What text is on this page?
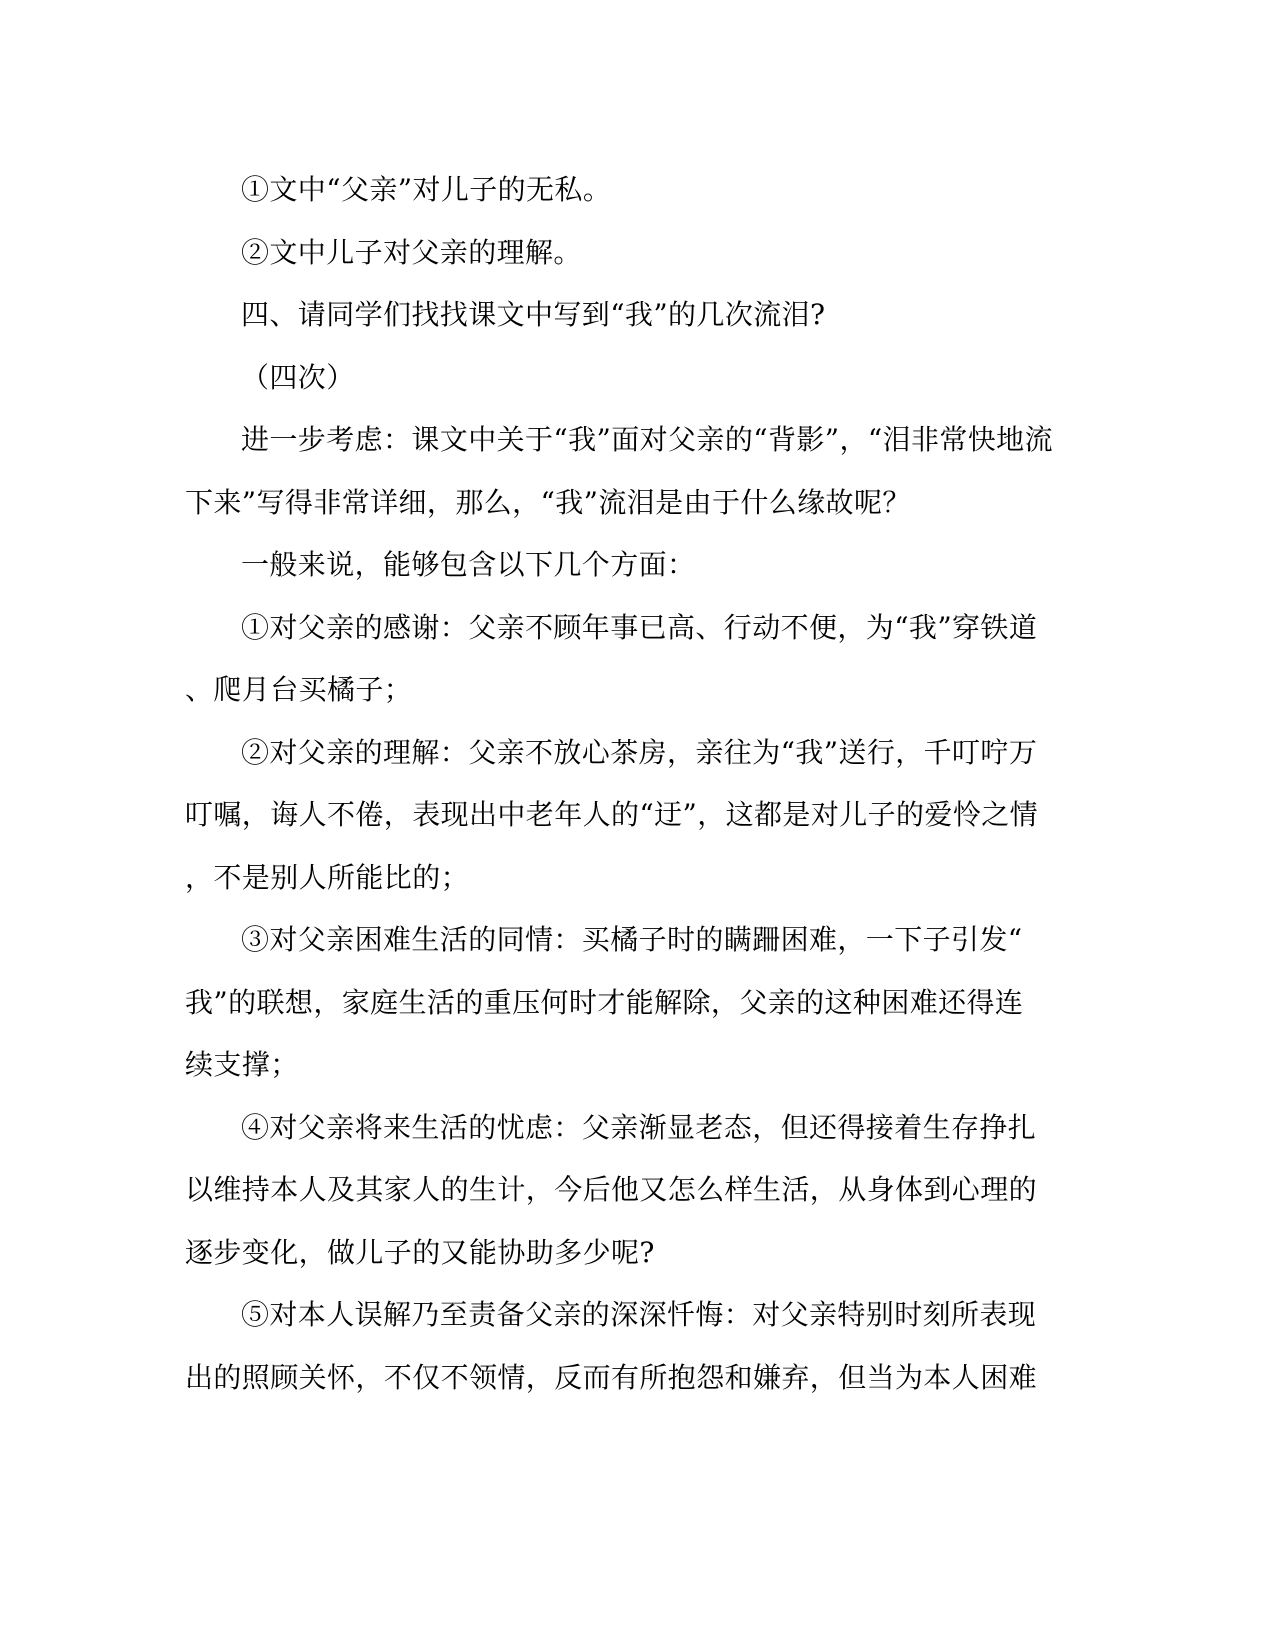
①文中“父亲”对儿子的无私。
②文中儿子对父亲的理解。
四、请同学们找找课文中写到“我”的几次流泪?
（四次）
进一步考虑：课文中关于“我”面对父亲的“背影”，“泪非常快地流
下来”写得非常详细，那么，“我”流泪是由于什么缘故呢？
一般来说，能够包含以下几个方面：
①对父亲的感谢：父亲不顾年事已高、行动不便，为“我”穿铁道
、爬月台买橘子；
②对父亲的理解：父亲不放心茶房，亲往为“我”送行，千叮咛万
叮嘱，诲人不倦，表现出中老年人的“迂”，这都是对儿子的爱怜之情
，不是别人所能比的；
③对父亲困难生活的同情：买橘子时的瞒跚困难，一下子引发“
我”的联想，家庭生活的重压何时才能解除，父亲的这种困难还得连
续支撑；
④对父亲将来生活的忧虑：父亲渐显老态，但还得接着生存挣扎
以维持本人及其家人的生计，今后他又怎么样生活，从身体到心理的
逐步变化，做儿子的又能协助多少呢?
⑤对本人误解乃至责备父亲的深深忏悔：对父亲特别时刻所表现
出的照顾关怀，不仅不领情，反而有所抱怨和嫌弃，但当为本人困难
